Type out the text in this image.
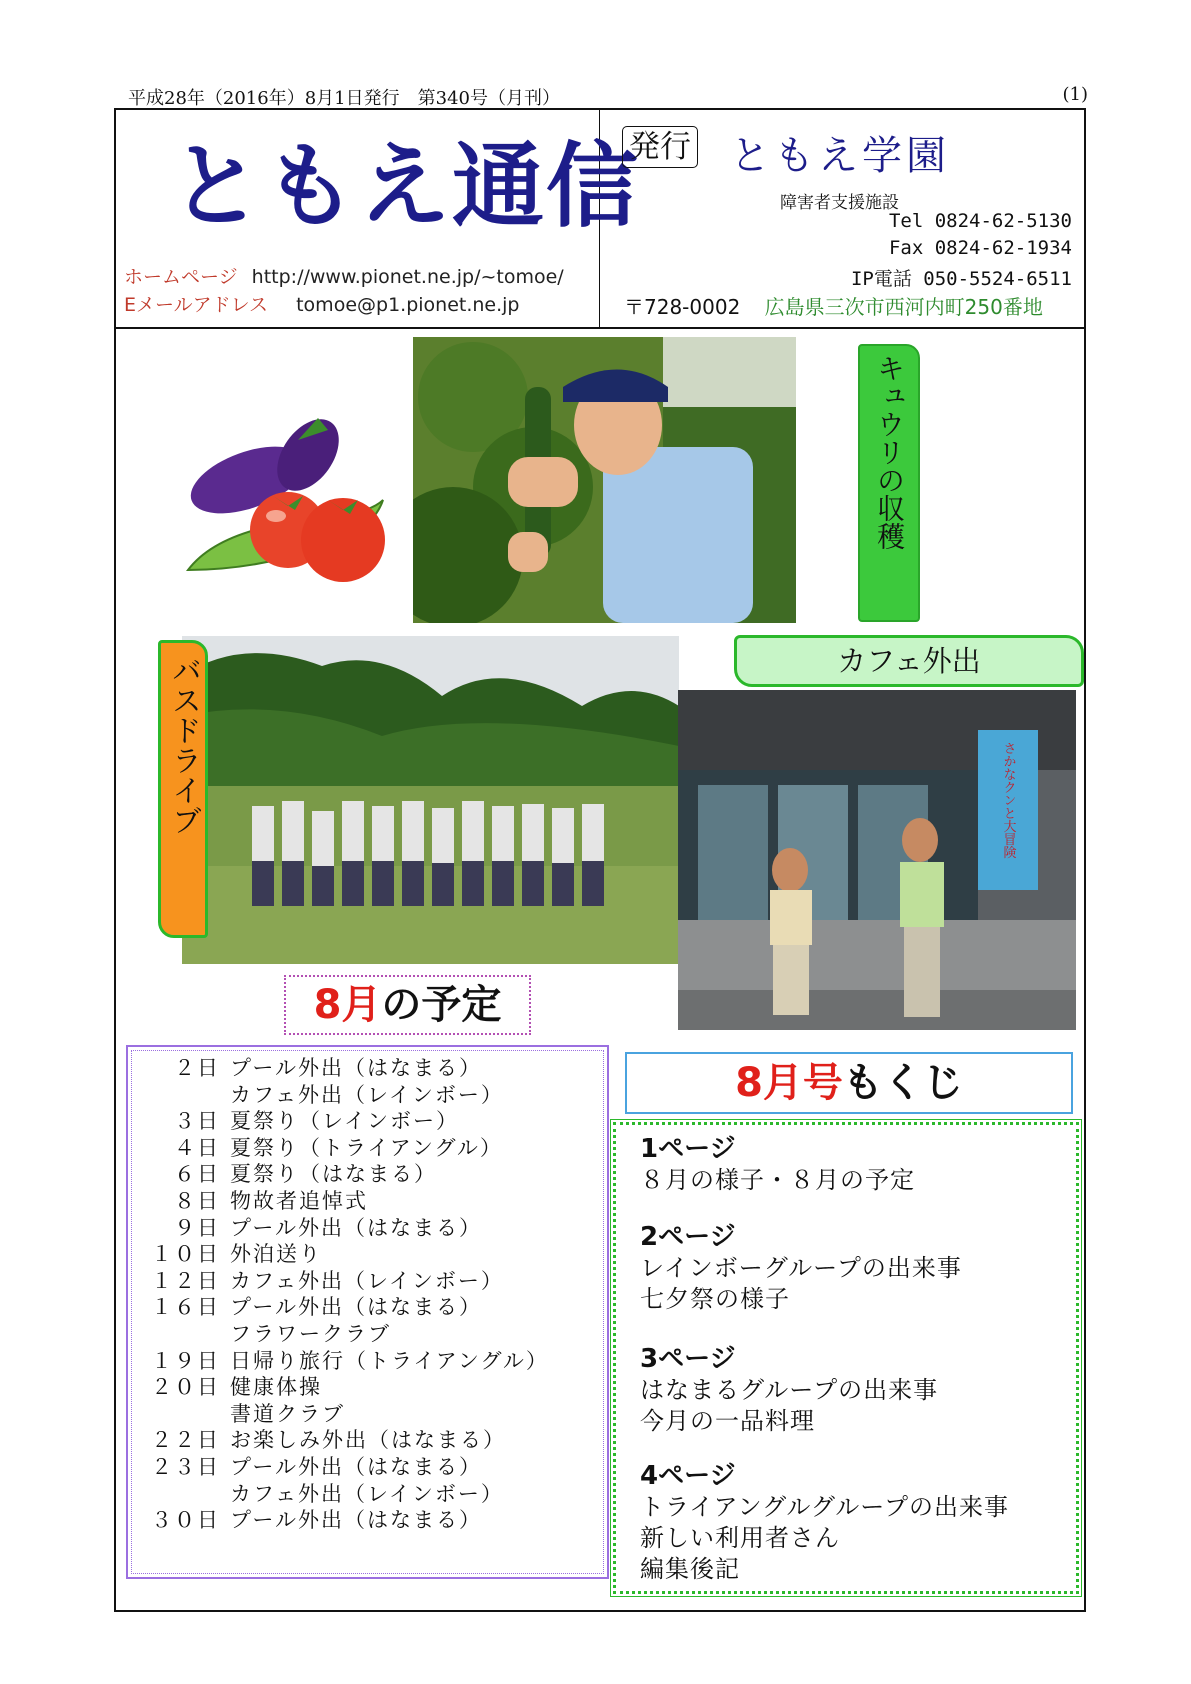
平成28年（2016年）8月1日発行　第340号（月刊）	(1)
ともえ通信
ホームページ http://www.pionet.ne.jp/~tomoe/
Eメールアドレス tomoe@p1.pionet.ne.jp
発行 ともえ学園
障害者支援施設
Tel 0824-62-5130
Fax 0824-62-1934
IP電話 050-5524-6511
〒728-0002 広島県三次市西河内町250番地
キュウリの収穫
バスドライブ	カフェ外出
さかなクンと大冒険
8月の予定
２日 プール外出（はなまる）
カフェ外出（レインボー）
３日 夏祭り（レインボー）
４日 夏祭り（トライアングル）
６日 夏祭り（はなまる）
８日 物故者追悼式
９日 プール外出（はなまる）
１０日 外泊送り
１２日 カフェ外出（レインボー）
１６日 プール外出（はなまる）
フラワークラブ
１９日 日帰り旅行（トライアングル）
２０日 健康体操
書道クラブ
２２日 お楽しみ外出（はなまる）
２３日 プール外出（はなまる）
カフェ外出（レインボー）
３０日 プール外出（はなまる）
8月号もくじ
1ページ
８月の様子・８月の予定
2ページ
レインボーグループの出来事
七夕祭の様子
3ページ
はなまるグループの出来事
今月の一品料理
4ページ
トライアングルグループの出来事
新しい利用者さん
編集後記
